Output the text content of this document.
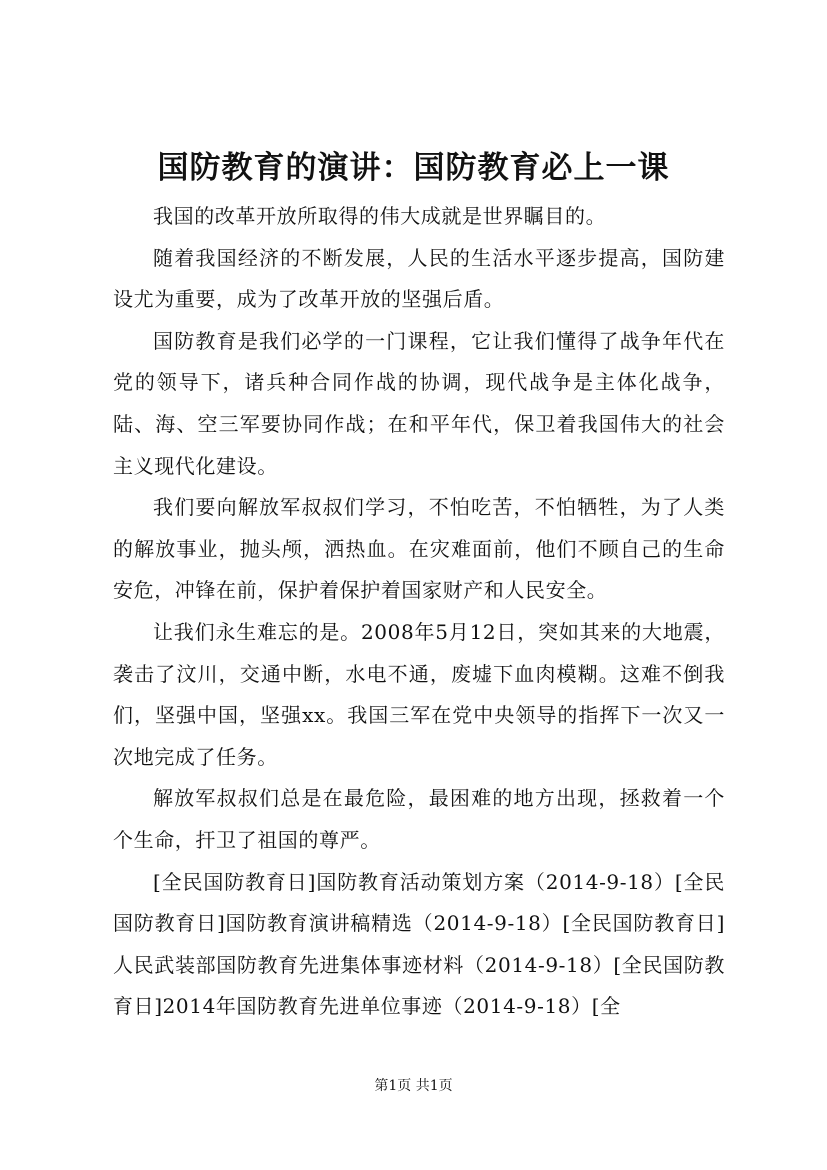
国防教育的演讲：国防教育必上一课

我国的改革开放所取得的伟大成就是世界瞩目的。

随着我国经济的不断发展，人民的生活水平逐步提高，国防建设尤为重要，成为了改革开放的坚强后盾。

国防教育是我们必学的一门课程，它让我们懂得了战争年代在党的领导下，诸兵种合同作战的协调，现代战争是主体化战争，陆、海、空三军要协同作战；在和平年代，保卫着我国伟大的社会主义现代化建设。

我们要向解放军叔叔们学习，不怕吃苦，不怕牺牲，为了人类的解放事业，抛头颅，洒热血。在灾难面前，他们不顾自己的生命安危，冲锋在前，保护着保护着国家财产和人民安全。

让我们永生难忘的是。2008年5月12日，突如其来的大地震，袭击了汶川，交通中断，水电不通，废墟下血肉模糊。这难不倒我们，坚强中国，坚强xx。我国三军在党中央领导的指挥下一次又一次地完成了任务。

解放军叔叔们总是在最危险，最困难的地方出现，拯救着一个个生命，扞卫了祖国的尊严。

[全民国防教育日]国防教育活动策划方案（2014-9-18）[全民国防教育日]国防教育演讲稿精选（2014-9-18）[全民国防教育日]人民武装部国防教育先进集体事迹材料（2014-9-18）[全民国防教育日]2014年国防教育先进单位事迹（2014-9-18）[全

第1页 共1页
